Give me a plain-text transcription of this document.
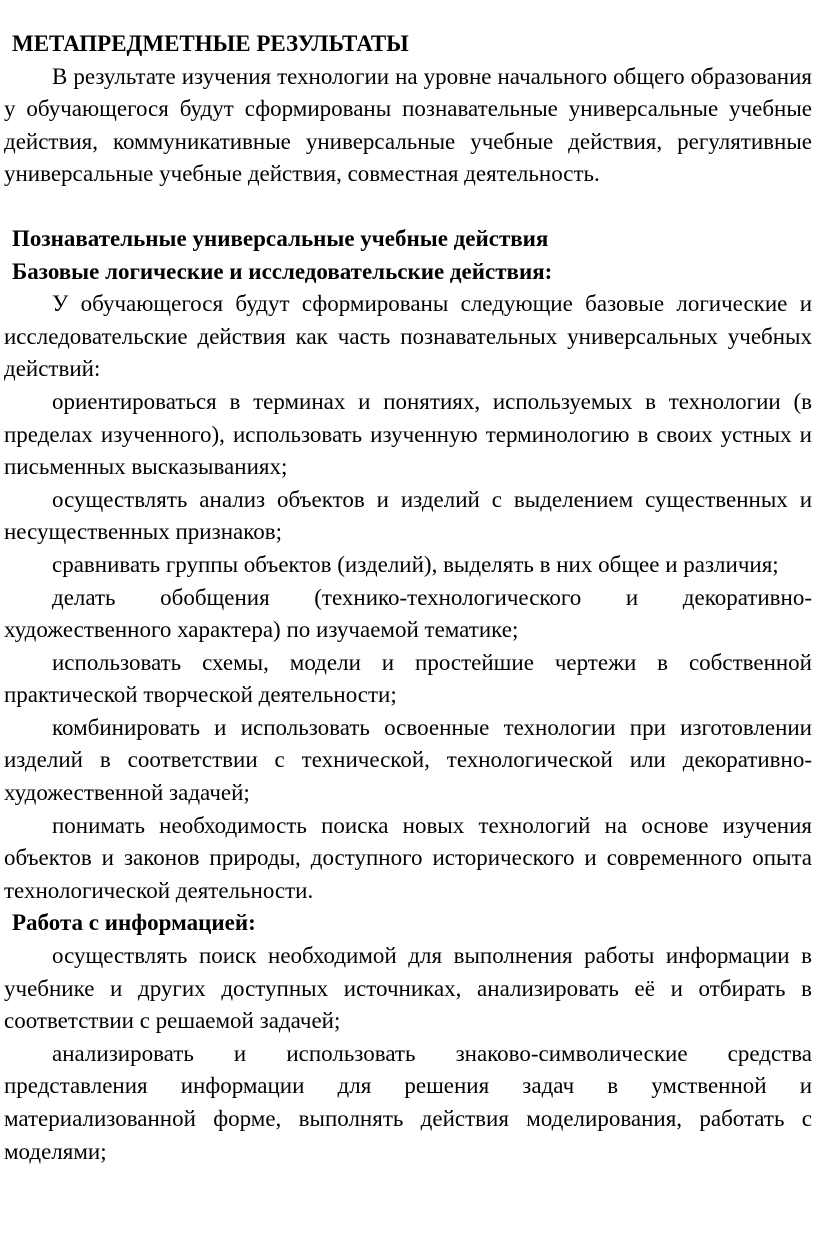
МЕТАПРЕДМЕТНЫЕ РЕЗУЛЬТАТЫ

В результате изучения технологии на уровне начального общего образования у обучающегося будут сформированы познавательные универсальные учебные действия, коммуникативные универсальные учебные действия, регулятивные универсальные учебные действия, совместная деятельность.

Познавательные универсальные учебные действия
Базовые логические и исследовательские действия:

У обучающегося будут сформированы следующие базовые логические и исследовательские действия как часть познавательных универсальных учебных действий:

ориентироваться в терминах и понятиях, используемых в технологии (в пределах изученного), использовать изученную терминологию в своих устных и письменных высказываниях;

осуществлять анализ объектов и изделий с выделением существенных и несущественных признаков;

сравнивать группы объектов (изделий), выделять в них общее и различия;

делать обобщения (технико-технологического и декоративно-художественного характера) по изучаемой тематике;

использовать схемы, модели и простейшие чертежи в собственной практической творческой деятельности;

комбинировать и использовать освоенные технологии при изготовлении изделий в соответствии с технической, технологической или декоративно-художественной задачей;

понимать необходимость поиска новых технологий на основе изучения объектов и законов природы, доступного исторического и современного опыта технологической деятельности.

Работа с информацией:

осуществлять поиск необходимой для выполнения работы информации в учебнике и других доступных источниках, анализировать её и отбирать в соответствии с решаемой задачей;

анализировать и использовать знаково-символические средства представления информации для решения задач в умственной и материализованной форме, выполнять действия моделирования, работать с моделями;
